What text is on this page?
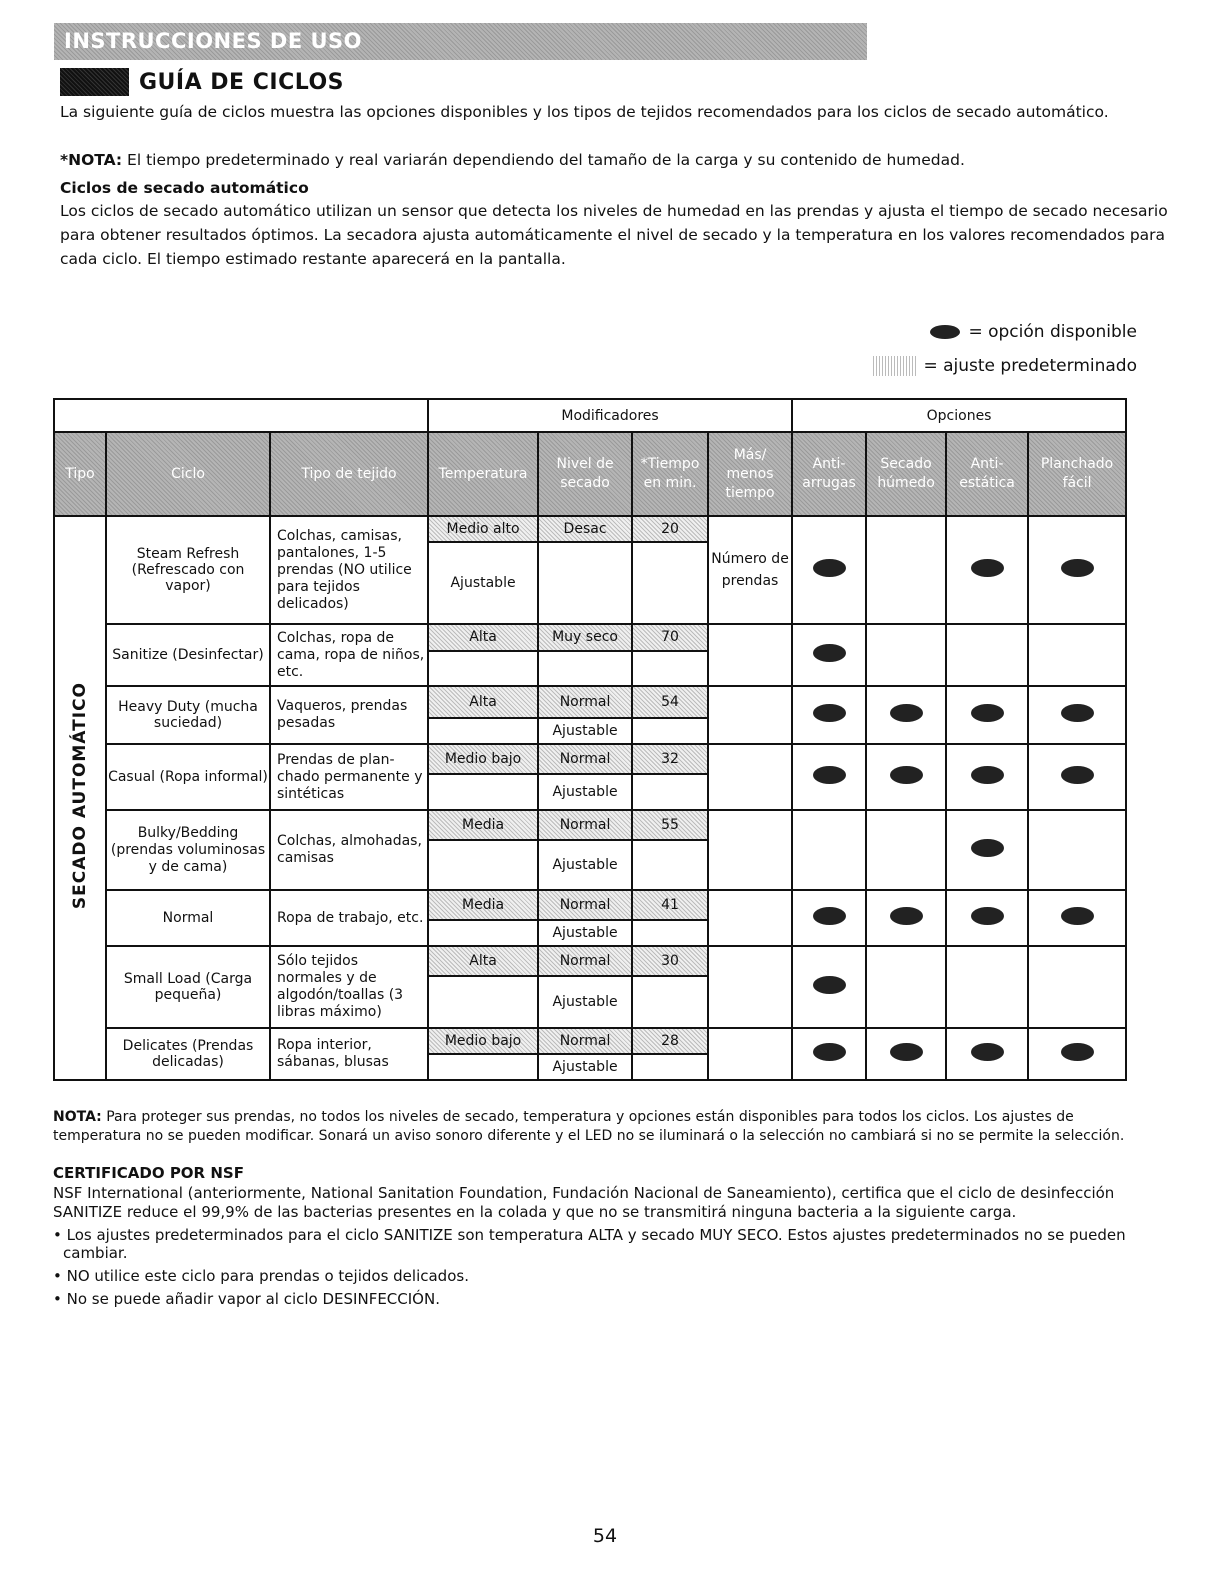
INSTRUCCIONES DE USO
GUÍA DE CICLOS

La siguiente guía de ciclos muestra las opciones disponibles y los tipos de tejidos recomendados para los ciclos de secado automático.

*NOTA: El tiempo predeterminado y real variarán dependiendo del tamaño de la carga y su contenido de humedad.

Ciclos de secado automático

Los ciclos de secado automático utilizan un sensor que detecta los niveles de humedad en las prendas y ajusta el tiempo de secado necesario para obtener resultados óptimos. La secadora ajusta automáticamente el nivel de secado y la temperatura en los valores recomendados para cada ciclo. El tiempo estimado restante aparecerá en la pantalla.

= opción disponible
= ajuste predeterminado
			Modificadores				Opciones			
Tipo	Ciclo	Tipo de tejido	Temperatura	Nivel de secado	*Tiempo en min.	Más/ menos tiempo	Anti- arrugas	Secado húmedo	Anti- estática	Planchado fácil
SECADO AUTOMÁTICO	Steam Refresh (Refrescado con vapor)	Colchas, camisas, pantalones, 1-5 prendas (NO utilice para tejidos delicados)	Medio alto	Desac	20	Número de prendas				
			Ajustable							
	Sanitize (Desinfectar)	Colchas, ropa de cama, ropa de niños, etc.	Alta	Muy seco	70					

	Heavy Duty (mucha suciedad)	Vaqueros, prendas pesadas	Alta	Normal	54					
				Ajustable						
	Casual (Ropa informal)	Prendas de plan-chado permanente y sintéticas	Medio bajo	Normal	32					
				Ajustable						
	Bulky/Bedding (prendas voluminosas y de cama)	Colchas, almohadas, camisas	Media	Normal	55					
				Ajustable						
	Normal	Ropa de trabajo, etc.	Media	Normal	41					
				Ajustable						
	Small Load (Carga pequeña)	Sólo tejidos normales y de algodón/toallas (3 libras máximo)	Alta	Normal	30					
				Ajustable						
	Delicates (Prendas delicadas)	Ropa interior, sábanas, blusas	Medio bajo	Normal	28					
				Ajustable						

NOTA: Para proteger sus prendas, no todos los niveles de secado, temperatura y opciones están disponibles para todos los ciclos. Los ajustes de temperatura no se pueden modificar. Sonará un aviso sonoro diferente y el LED no se iluminará o la selección no cambiará si no se permite la selección.

CERTIFICADO POR NSF

NSF International (anteriormente, National Sanitation Foundation, Fundación Nacional de Saneamiento), certifica que el ciclo de desinfección SANITIZE reduce el 99,9% de las bacterias presentes en la colada y que no se transmitirá ninguna bacteria a la siguiente carga.

• Los ajustes predeterminados para el ciclo SANITIZE son temperatura ALTA y secado MUY SECO. Estos ajustes predeterminados no se pueden cambiar.
• NO utilice este ciclo para prendas o tejidos delicados.
• No se puede añadir vapor al ciclo DESINFECCIÓN.
54
